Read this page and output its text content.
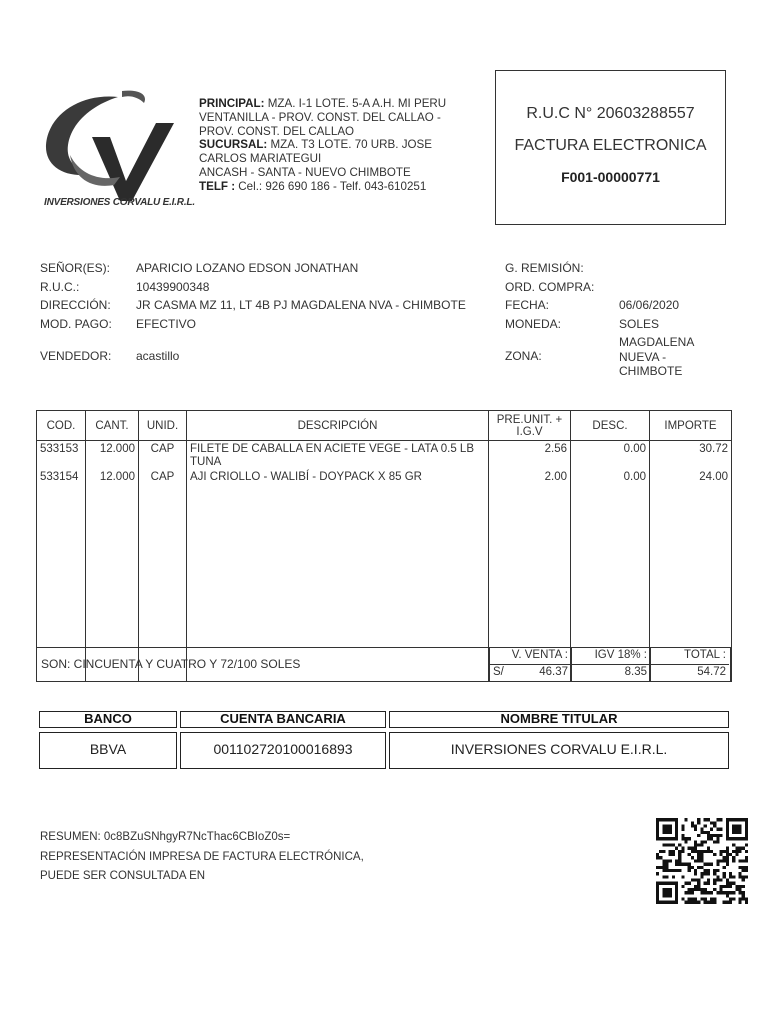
INVERSIONES CORVALU E.I.R.L.
PRINCIPAL: MZA. I-1 LOTE. 5-A A.H. MI PERU
VENTANILLA - PROV. CONST. DEL CALLAO -
PROV. CONST. DEL CALLAO
SUCURSAL: MZA. T3 LOTE. 70 URB. JOSE
CARLOS MARIATEGUI
ANCASH - SANTA - NUEVO CHIMBOTE
TELF : Cel.: 926 690 186 - Telf. 043-610251
R.U.C N° 20603288557
FACTURA ELECTRONICA
F001-00000771
SEÑOR(ES): APARICIO LOZANO EDSON JONATHAN
R.U.C.:	10439900348
DIRECCIÓN: JR CASMA MZ 11, LT 4B PJ MAGDALENA NVA - CHIMBOTE
MOD. PAGO: EFECTIVO
VENDEDOR: acastillo
G. REMISIÓN:
ORD. COMPRA:
FECHA:	06/06/2020
MONEDA:	SOLES
ZONA:
MAGDALENA NUEVA - CHIMBOTE
COD.	CANT.	UNID.	DESCRIPCIÓN	PRE.UNIT. + I.G.V	DESC.	IMPORTE
533153	12.000	CAP	FILETE DE CABALLA EN ACIETE VEGE - LATA 0.5 LB TUNA	2.56	0.00	30.72
533154	12.000	CAP	AJI CRIOLLO - WALIBÍ - DOYPACK X 85 GR	2.00	0.00	24.00
SON: CINCUENTA Y CUATRO Y 72/100 SOLES
V. VENTA :
S/	46.37
IGV 18% :
8.35
TOTAL :
54.72
BANCO	CUENTA BANCARIA	NOMBRE TITULAR
BBVA	001102720100016893	INVERSIONES CORVALU E.I.R.L.
RESUMEN: 0c8BZuSNhgyR7NcThac6CBIoZ0s=
REPRESENTACIÓN IMPRESA DE FACTURA ELECTRÓNICA,
PUEDE SER CONSULTADA EN
